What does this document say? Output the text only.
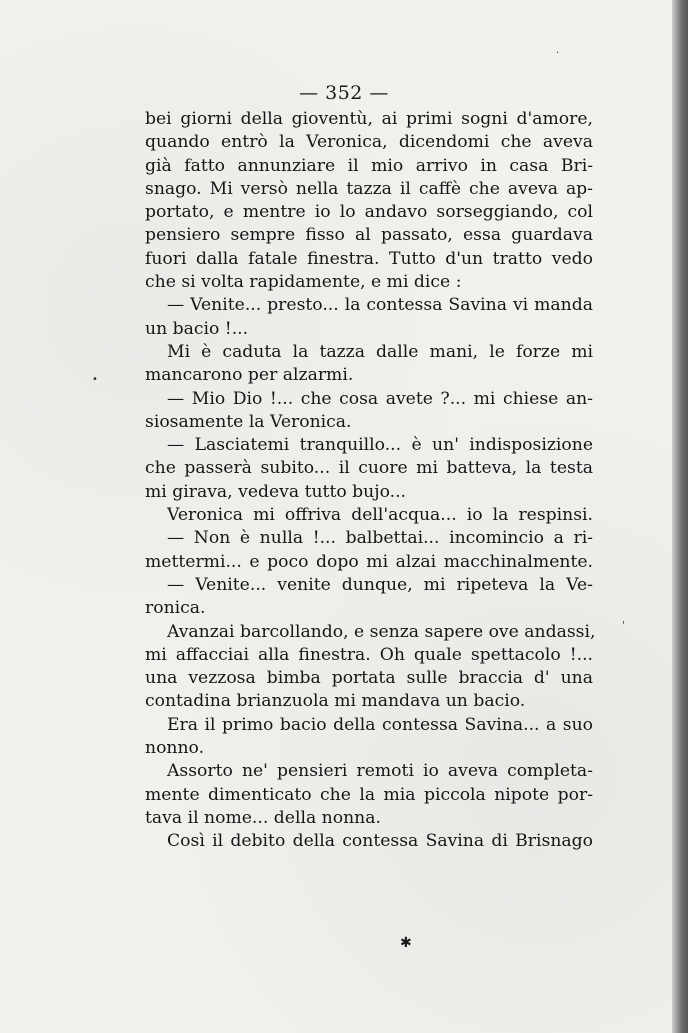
— 352 —
bei giorni della gioventù, ai primi sogni d'amore,
quando entrò la Veronica, dicendomi che aveva
già fatto annunziare il mio arrivo in casa Bri-
snago. Mi versò nella tazza il caffè che aveva ap-
portato, e mentre io lo andavo sorseggiando, col
pensiero sempre fisso al passato, essa guardava
fuori dalla fatale finestra. Tutto d'un tratto vedo
che si volta rapidamente, e mi dice :
— Venite... presto... la contessa Savina vi manda
un bacio !...
Mi è caduta la tazza dalle mani, le forze mi
mancarono per alzarmi.
— Mio Dio !... che cosa avete ?... mi chiese an-
siosamente la Veronica.
— Lasciatemi tranquillo... è un' indisposizione
che passerà subito... il cuore mi batteva, la testa
mi girava, vedeva tutto bujo...
Veronica mi offriva dell'acqua... io la respinsi.
— Non è nulla !... balbettai... incomincio a ri-
mettermi... e poco dopo mi alzai macchinalmente.
— Venite... venite dunque, mi ripeteva la Ve-
ronica.
Avanzai barcollando, e senza sapere ove andassi,
mi affacciai alla finestra. Oh quale spettacolo !...
una vezzosa bimba portata sulle braccia d' una
contadina brianzuola mi mandava un bacio.
Era il primo bacio della contessa Savina... a suo
nonno.
Assorto ne' pensieri remoti io aveva completa-
mente dimenticato che la mia piccola nipote por-
tava il nome... della nonna.
Così il debito della contessa Savina di Brisnago
✱
•
'
·
